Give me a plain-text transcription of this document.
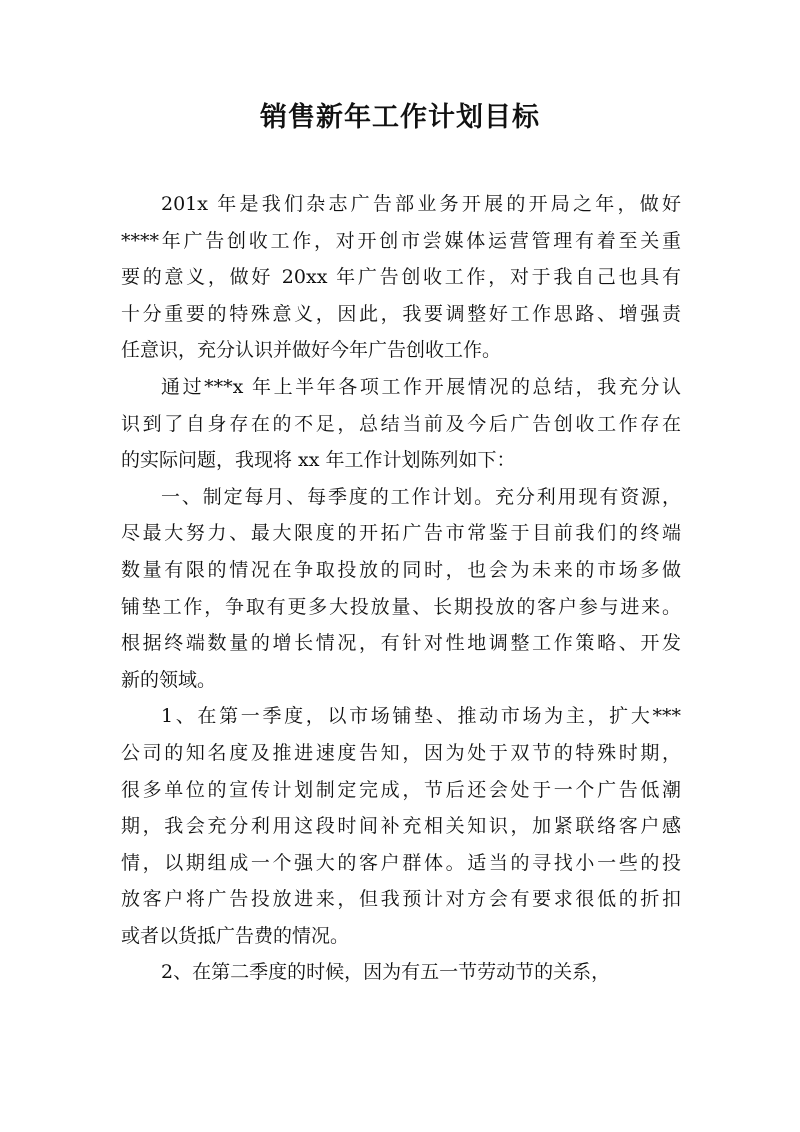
销售新年工作计划目标
201x 年是我们杂志广告部业务开展的开局之年，做好
****年广告创收工作，对开创市尝媒体运营管理有着至关重
要的意义，做好 20xx 年广告创收工作，对于我自己也具有
十分重要的特殊意义，因此，我要调整好工作思路、增强责
任意识，充分认识并做好今年广告创收工作。
通过***x 年上半年各项工作开展情况的总结，我充分认
识到了自身存在的不足，总结当前及今后广告创收工作存在
的实际问题，我现将 xx 年工作计划陈列如下：
一、制定每月、每季度的工作计划。充分利用现有资源，
尽最大努力、最大限度的开拓广告市常鉴于目前我们的终端
数量有限的情况在争取投放的同时，也会为未来的市场多做
铺垫工作，争取有更多大投放量、长期投放的客户参与进来。
根据终端数量的增长情况，有针对性地调整工作策略、开发
新的领域。
1、在第一季度，以市场铺垫、推动市场为主，扩大***
公司的知名度及推进速度告知，因为处于双节的特殊时期，
很多单位的宣传计划制定完成，节后还会处于一个广告低潮
期，我会充分利用这段时间补充相关知识，加紧联络客户感
情，以期组成一个强大的客户群体。适当的寻找小一些的投
放客户将广告投放进来，但我预计对方会有要求很低的折扣
或者以货抵广告费的情况。
2、在第二季度的时候，因为有五一节劳动节的关系，
